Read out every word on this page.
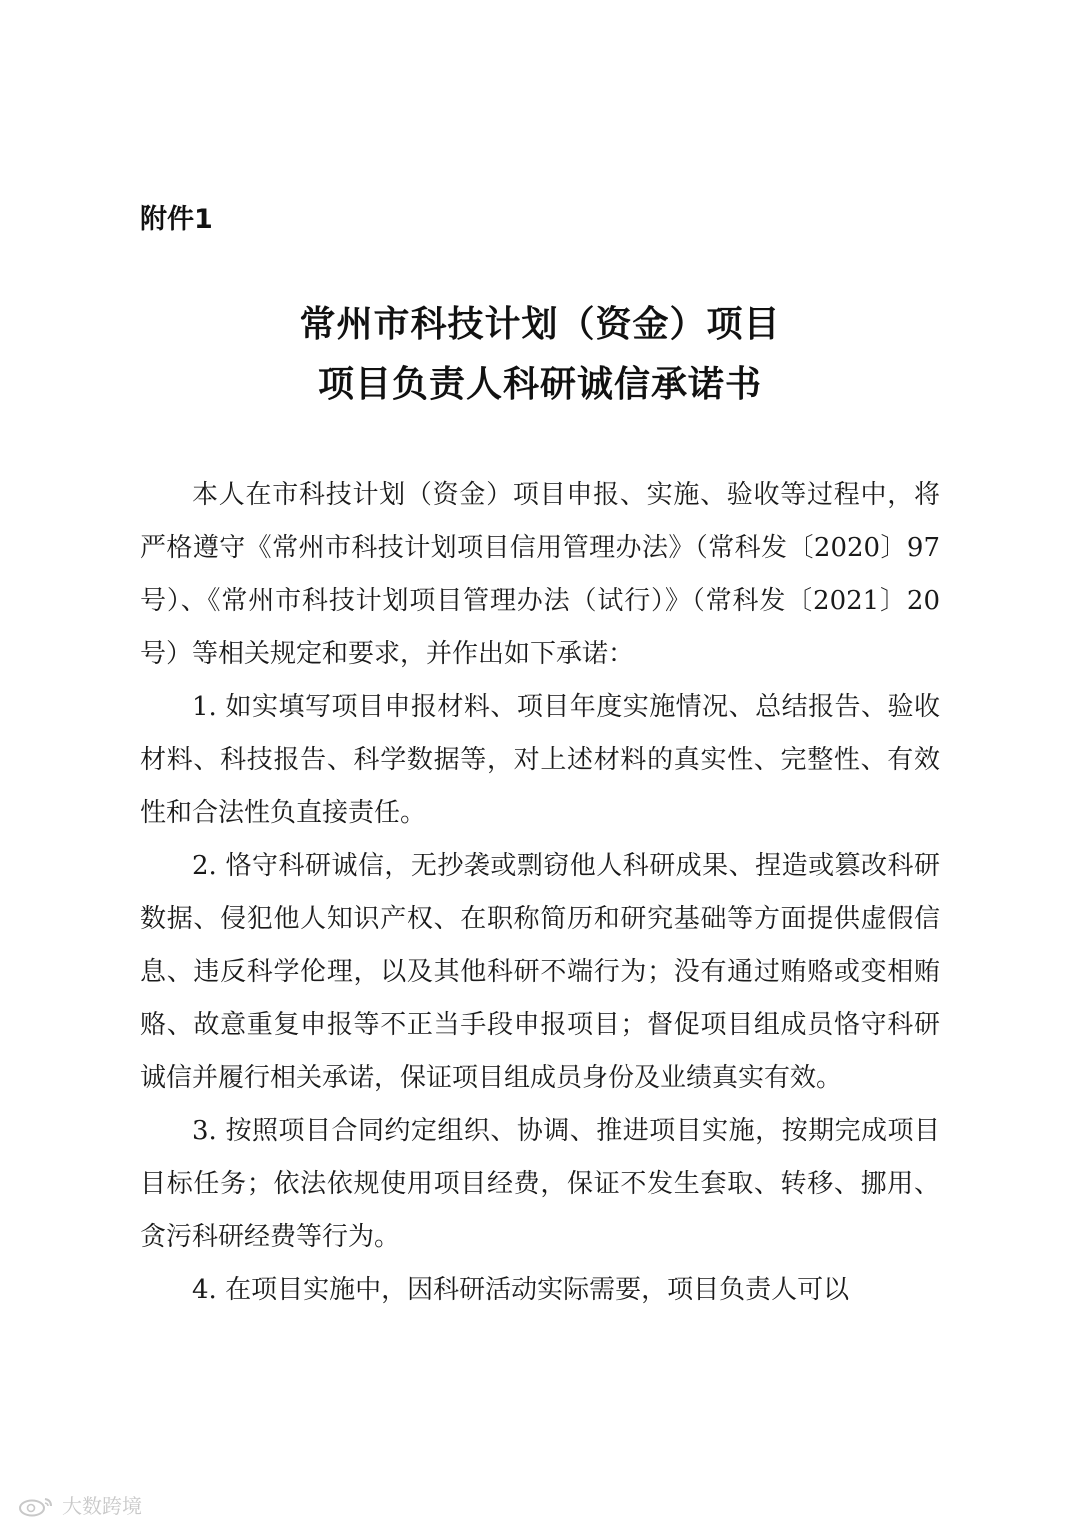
附件1
常州市科技计划（资金）项目
项目负责人科研诚信承诺书

本人在市科技计划（资金）项目申报、实施、验收等过程中，将严格遵守《常州市科技计划项目信用管理办法》（常科发〔2020〕97号）、《常州市科技计划项目管理办法（试行）》（常科发〔2021〕20号）等相关规定和要求，并作出如下承诺：

1. 如实填写项目申报材料、项目年度实施情况、总结报告、验收材料、科技报告、科学数据等，对上述材料的真实性、完整性、有效性和合法性负直接责任。

2. 恪守科研诚信，无抄袭或剽窃他人科研成果、捏造或篡改科研数据、侵犯他人知识产权、在职称简历和研究基础等方面提供虚假信息、违反科学伦理，以及其他科研不端行为；没有通过贿赂或变相贿赂、故意重复申报等不正当手段申报项目；督促项目组成员恪守科研诚信并履行相关承诺，保证项目组成员身份及业绩真实有效。

3. 按照项目合同约定组织、协调、推进项目实施，按期完成项目目标任务；依法依规使用项目经费，保证不发生套取、转移、挪用、贪污科研经费等行为。

4. 在项目实施中，因科研活动实际需要，项目负责人可以

大数跨境
